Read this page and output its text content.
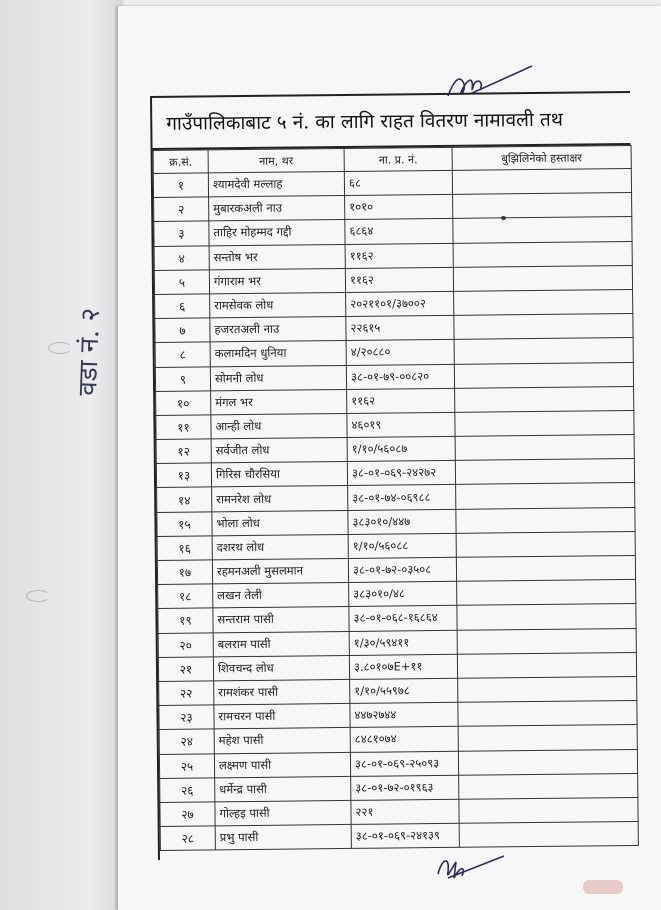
वडा नं. २
गाउँपालिकाबाट ५ नं. का लागि राहत वितरण नामावली तथ
क्र.सं.	नाम, थर	ना. प्र. नं.	बुझिलिनेको हस्ताक्षर
१	श्यामदेवी मल्लाह	६८	
२	मुबारकअली नाउ	१०१०	
३	ताहिर मोहम्मद गद्दी	६८६४	
४	सन्तोष भर	११६२	
५	गंगाराम भर	११६२	
६	रामसेवक लोध	२०२११०१/३७००२	
७	हजरतअली नाउ	२२६१५	
८	कलामदिन धुनिया	४/२०८८०	
९	सोमनी लोध	३८-०१-७९-००८२०	
१०	मंगल भर	११६२	
११	आन्ही लोध	४६०१९	
१२	सर्वजीत लोध	१/१०/५६०८७	
१३	गिरिस चौरसिया	३८-०१-०६९-२४२७२	
१४	रामनरेश लोध	३८-०१-७४-०६९८८	
१५	भोला लोध	३८३०१०/४४७	
१६	दशरथ लोध	१/१०/५६०८८	
१७	रहमनअली मुसलमान	३८-०१-७२-०३५०८	
१८	लखन तेली	३८३०१०/४८	
१९	सन्तराम पासी	३८-०१-०६८-१६८६४	
२०	बलराम पासी	१/३०/५९४११	
२१	शिवचन्द लोध	३.८०१०७E+११	
२२	रामशंकर पासी	१/१०/५५९७८	
२३	रामचरन पासी	४४७२७४४	
२४	महेश पासी	८४८१०७४	
२५	लक्ष्मण पासी	३८-०१-०६९-२५०९३	
२६	धर्मेन्द्र पासी	३८-०१-७२-०१९६३	
२७	गोल्हइ पासी	२२१	
२८	प्रभु पासी	३८-०१-०६९-२४१३९	
